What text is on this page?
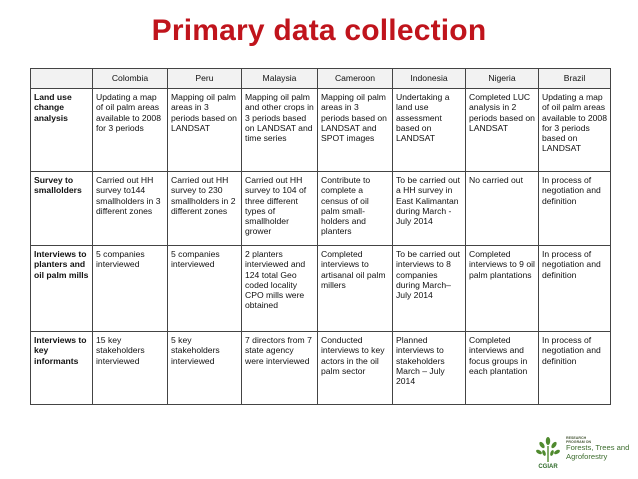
Primary data collection
	Colombia	Peru	Malaysia	Cameroon	Indonesia	Nigeria	Brazil
Land use change analysis	Updating a map of oil palm areas available to 2008 for 3 periods	Mapping oil palm areas in 3 periods based on LANDSAT	Mapping oil palm and other crops in 3 periods based on LANDSAT and time series	Mapping oil palm areas in 3 periods based on LANDSAT and SPOT images	Undertaking a land use assessment based on LANDSAT	Completed LUC analysis in 2 periods based on LANDSAT	Updating a map of oil palm areas available to 2008 for 3 periods based on LANDSAT
Survey to smallolders	Carried out HH survey to144 smallholders in 3 different zones	Carried out HH survey to 230 smallholders in 2 different zones	Carried out HH survey to 104 of three different types of smallholder grower	Contribute to complete a census of oil palm small-holders and planters	To be carried out a HH survey in East Kalimantan during March - July 2014	No carried out	In process of negotiation and definition
Interviews to planters and oil palm mills	5 companies interviewed	5 companies interviewed	2 planters interviewed and 124 total Geo coded locality CPO mills were obtained	Completed interviews to artisanal oil palm millers	To be carried out interviews to 8 companies during March– July 2014	Completed interviews to 9 oil palm plantations	In process of negotiation and definition
Interviews to key informants	15 key stakeholders interviewed	5 key stakeholders interviewed	7 directors from 7 state agency were interviewed	Conducted interviews to key actors in the oil palm sector	Planned interviews to stakeholders March – July 2014	Completed interviews and focus groups in each plantation	In process of negotiation and definition
CGIAR
RESEARCH
PROGRAM ON
Forests, Trees and
Agroforestry
